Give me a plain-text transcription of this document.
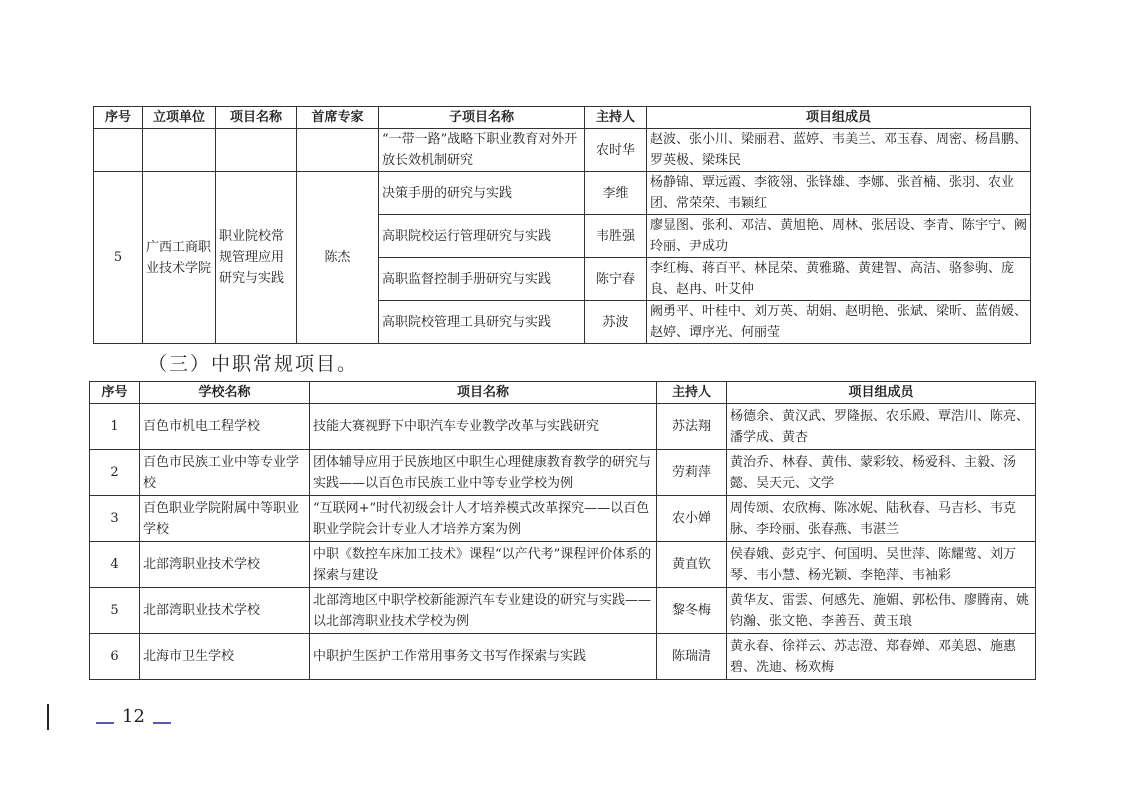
序号	立项单位	项目名称	首席专家	子项目名称	主持人	项目组成员
				“一带一路”战略下职业教育对外开放长效机制研究	农时华	赵波、张小川、梁丽君、蓝婷、韦美兰、邓玉春、周密、杨昌鹏、罗英极、梁珠民
5	广西工商职业技术学院	职业院校常规管理应用研究与实践	陈杰	决策手册的研究与实践	李维	杨静锦、覃远霞、李筱翎、张锋雄、李娜、张首楠、张羽、农业团、常荣荣、韦颖红
				高职院校运行管理研究与实践	韦胜强	廖显图、张利、邓洁、黄旭艳、周林、张居设、李青、陈宇宁、阙玲丽、尹成功
				高职监督控制手册研究与实践	陈宁春	李红梅、蒋百平、林昆荣、黄雅璐、黄建智、高洁、骆参驹、庞良、赵冉、叶艾仲
				高职院校管理工具研究与实践	苏波	阙勇平、叶桂中、刘万英、胡娟、赵明艳、张斌、梁昕、蓝俏媛、赵婷、谭序光、何丽莹
（三）中职常规项目。
序号	学校名称	项目名称	主持人	项目组成员
1	百色市机电工程学校	技能大赛视野下中职汽车专业教学改革与实践研究	苏法翔	杨德余、黄汉武、罗隆振、农乐殿、覃浩川、陈亮、潘学成、黄杏
2	百色市民族工业中等专业学校	团体辅导应用于民族地区中职生心理健康教育教学的研究与实践——以百色市民族工业中等专业学校为例	劳莉萍	黄治乔、林春、黄伟、蒙彩较、杨爱科、主毅、汤懿、吴天元、文学
3	百色职业学院附属中等职业学校	“互联网+”时代初级会计人才培养模式改革探究——以百色职业学院会计专业人才培养方案为例	农小婵	周传颂、农欣梅、陈冰妮、陆秋春、马吉杉、韦克脉、李玲丽、张春燕、韦湛兰
4	北部湾职业技术学校	中职《数控车床加工技术》课程“以产代考”课程评价体系的探索与建设	黄直钦	侯春娥、彭克宇、何国明、吴世萍、陈耀莺、刘万琴、韦小慧、杨光颖、李艳萍、韦袖彩
5	北部湾职业技术学校	北部湾地区中职学校新能源汽车专业建设的研究与实践——以北部湾职业技术学校为例	黎冬梅	黄华友、雷雲、何感先、施媚、郭松伟、廖腾南、姚钧瀚、张文艳、李善吾、黄玉琅
6	北海市卫生学校	中职护生医护工作常用事务文书写作探索与实践	陈瑞清	黄永春、徐祥云、苏志澄、郑春婵、邓美恩、施惠碧、冼迪、杨欢梅
12
